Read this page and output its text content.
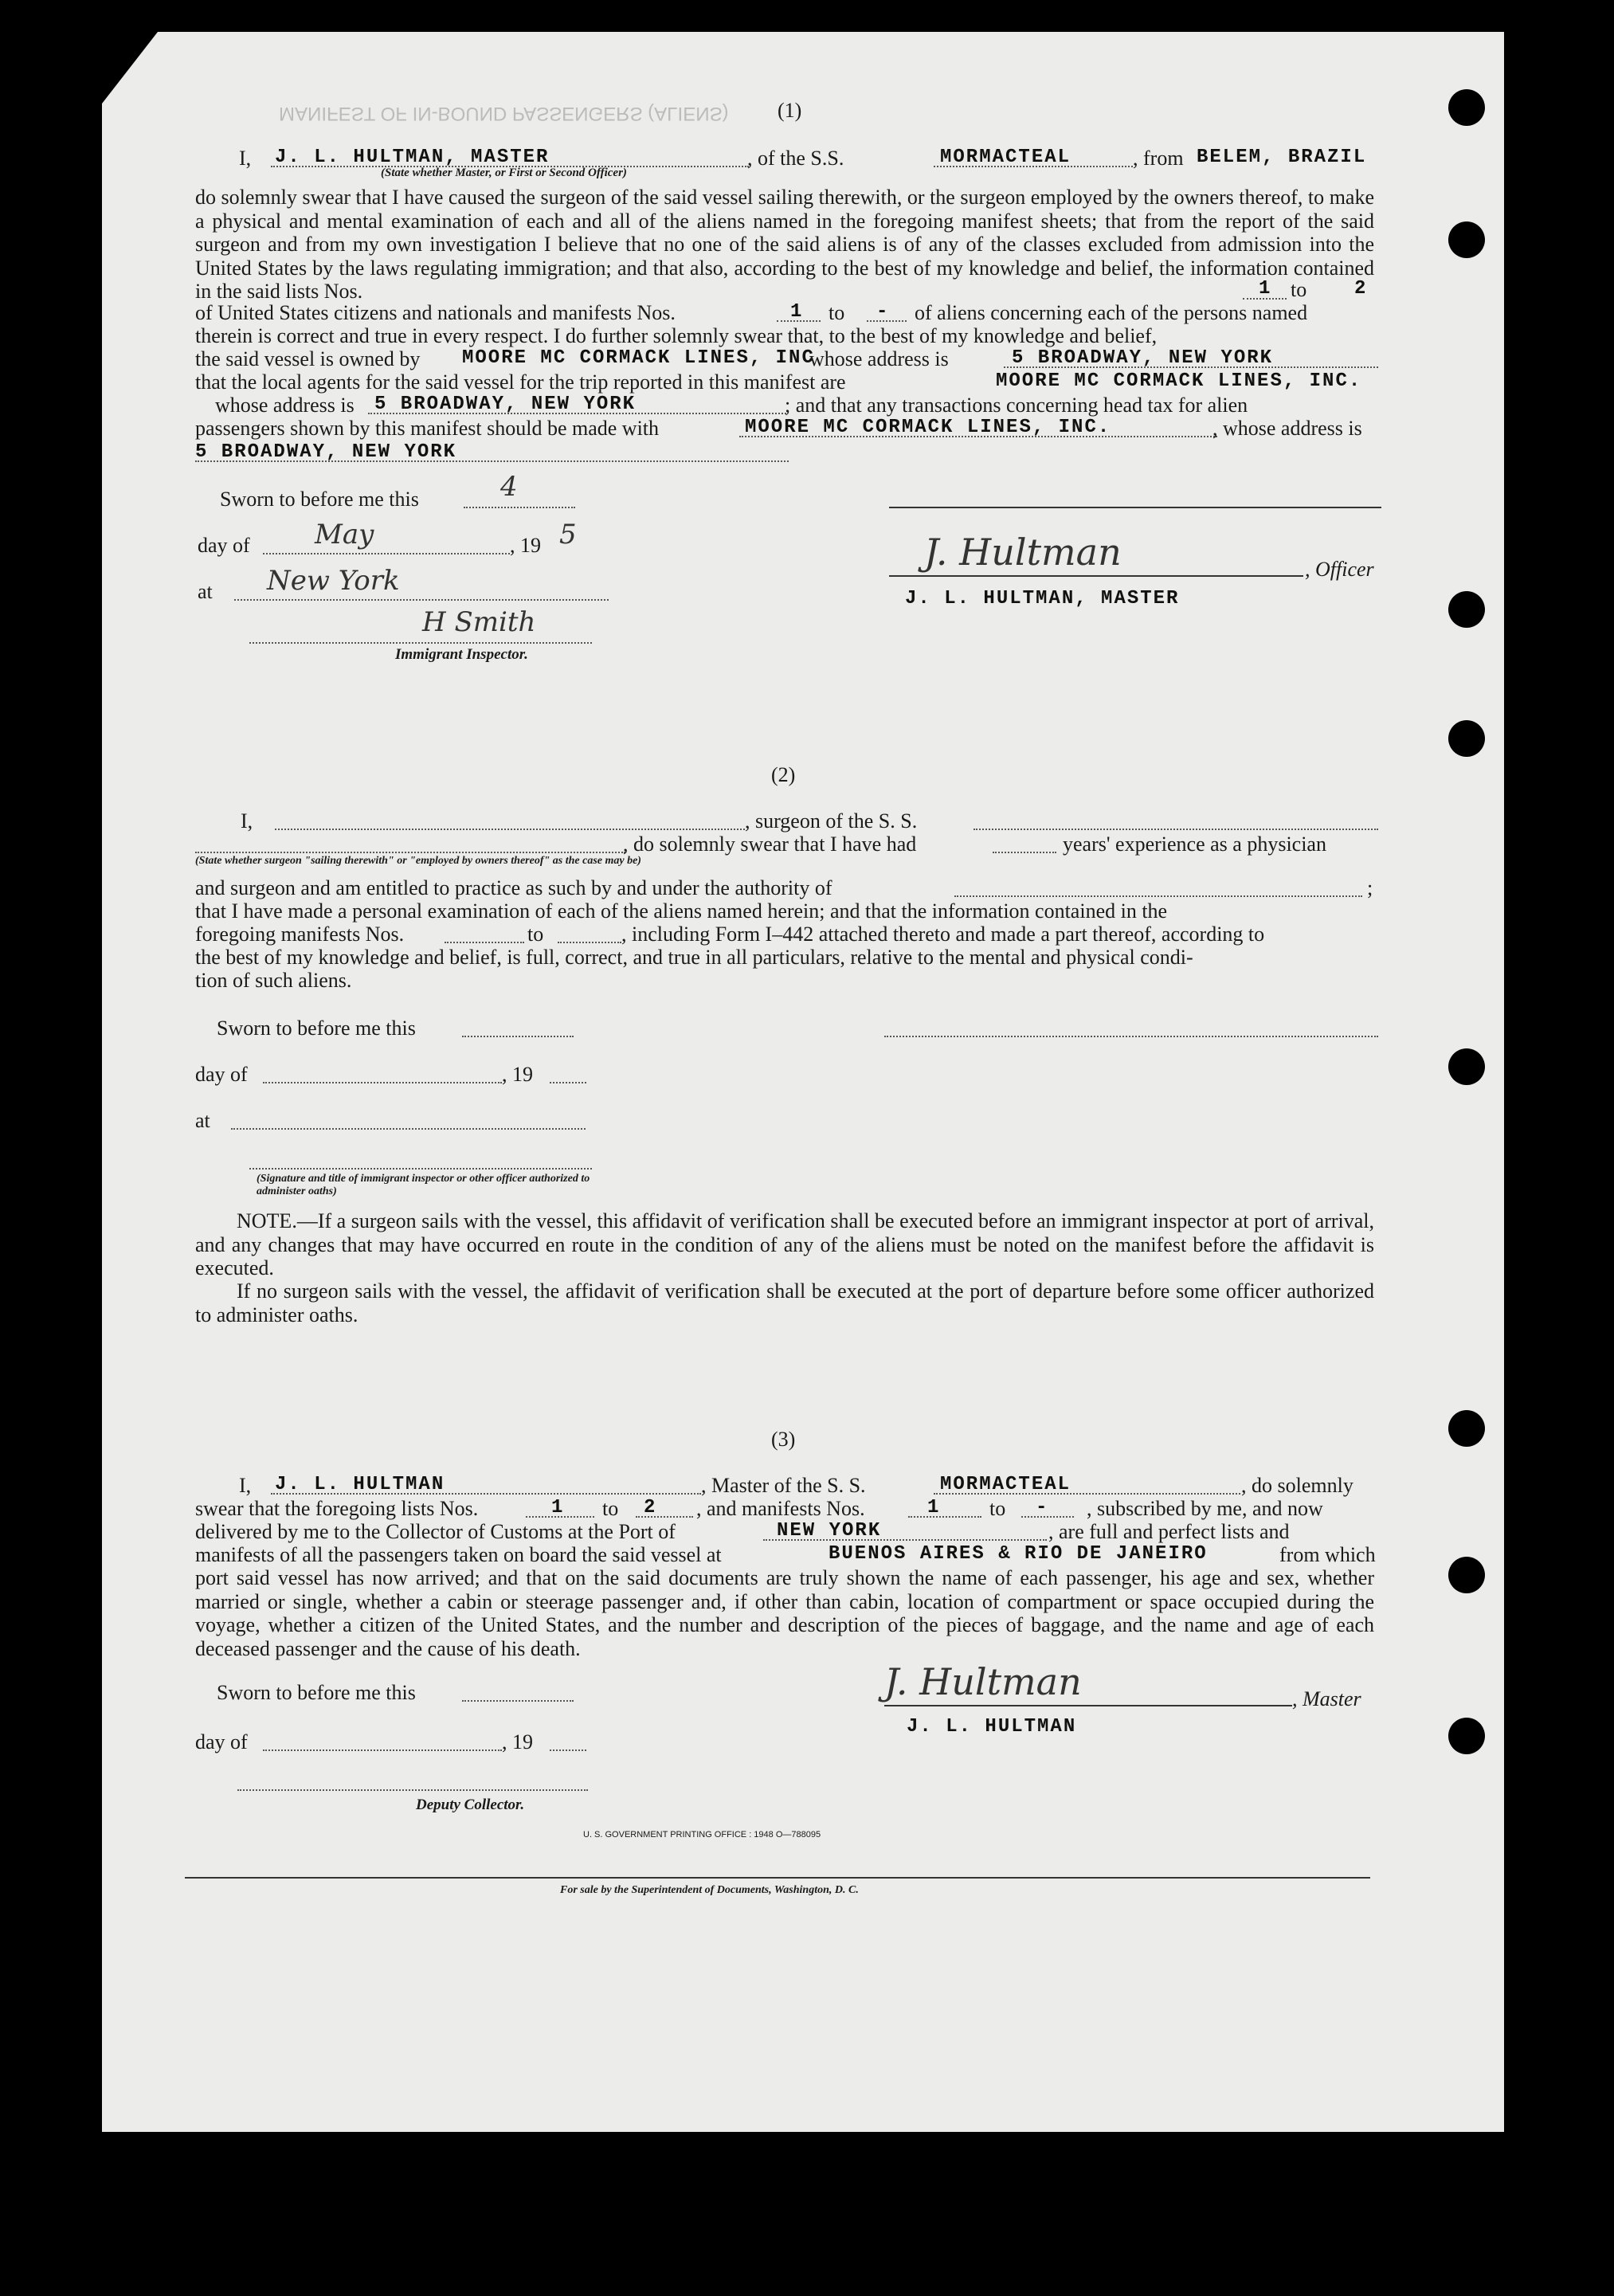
MANIFEST OF IN-BOUND PASSENGERS (ALIENS) (1)
I, J. L. HULTMAN, MASTER	, of the S.S.	MORMACTEAL	, from BELEM, BRAZIL
(State whether Master, or First or Second Officer)

do solemnly swear that I have caused the surgeon of the said vessel sailing therewith, or the surgeon employed by the owners thereof, to make a physical and mental examination of each and all of the aliens named in the foregoing manifest sheets; that from the report of the said surgeon and from my own investigation I believe that no one of the said aliens is of any of the classes excluded from admission into the United States by the laws regulating immigration; and that also, according to the best of my knowledge and belief, the information contained in the said lists Nos.	1 to 2
of United States citizens and nationals and manifests Nos.	1 to - of aliens concerning each of the persons named
therein is correct and true in every respect. I do further solemnly swear that, to the best of my knowledge and belief,
the said vessel is owned by MOORE MC CORMACK LINES, INC
whose address is	5 BROADWAY, NEW YORK
that the local agents for the said vessel for the trip reported in this manifest are	MOORE MC CORMACK LINES, INC.
whose address is 5 BROADWAY, NEW YORK	; and that any transactions concerning head tax for alien
passengers shown by this manifest should be made with	MOORE MC CORMACK LINES, INC.	, whose address is
5 BROADWAY, NEW YORK
Sworn to before me this	4
day of May	, 19 5	J. Hultman	, Officer
at New York
J. L. HULTMAN, MASTER
H Smith
Immigrant Inspector.
(2)
I,	, surgeon of the S. S.
, do solemnly swear that I have had	years' experience as a physician
(State whether surgeon "sailing therewith" or "employed by owners thereof" as the case may be)
and surgeon and am entitled to practice as such by and under the authority of	;
that I have made a personal examination of each of the aliens named herein; and that the information contained in the
foregoing manifests Nos.	to	, including Form I–442 attached thereto and made a part thereof, according to
the best of my knowledge and belief, is full, correct, and true in all particulars, relative to the mental and physical condi-
tion of such aliens.
Sworn to before me this
day of	, 19
at
(Signature and title of immigrant inspector or other officer authorized to administer oaths)

NOTE.—If a surgeon sails with the vessel, this affidavit of verification shall be executed before an immigrant inspector at port of arrival, and any changes that may have occurred en route in the condition of any of the aliens must be noted on the manifest before the affidavit is executed.

If no surgeon sails with the vessel, the affidavit of verification shall be executed at the port of departure before some officer authorized to administer oaths.

(3)
I, J. L. HULTMAN	, Master of the S. S.	MORMACTEAL	, do solemnly
swear that the foregoing lists Nos.	1 to 2 , and manifests Nos.	1 to - , subscribed by me, and now
delivered by me to the Collector of Customs at the Port of	NEW YORK	, are full and perfect lists and
manifests of all the passengers taken on board the said vessel at	BUENOS AIRES & RIO DE JANEIRO	from which

port said vessel has now arrived; and that on the said documents are truly shown the name of each passenger, his age and sex, whether married or single, whether a cabin or steerage passenger and, if other than cabin, location of compartment or space occupied during the voyage, whether a citizen of the United States, and the number and description of the pieces of baggage, and the name and age of each deceased passenger and the cause of his death.

Sworn to before me this	J. Hultman	, Master
J. L. HULTMAN
day of	, 19
Deputy Collector.
U. S. GOVERNMENT PRINTING OFFICE : 1948 O—788095
For sale by the Superintendent of Documents, Washington, D. C.
